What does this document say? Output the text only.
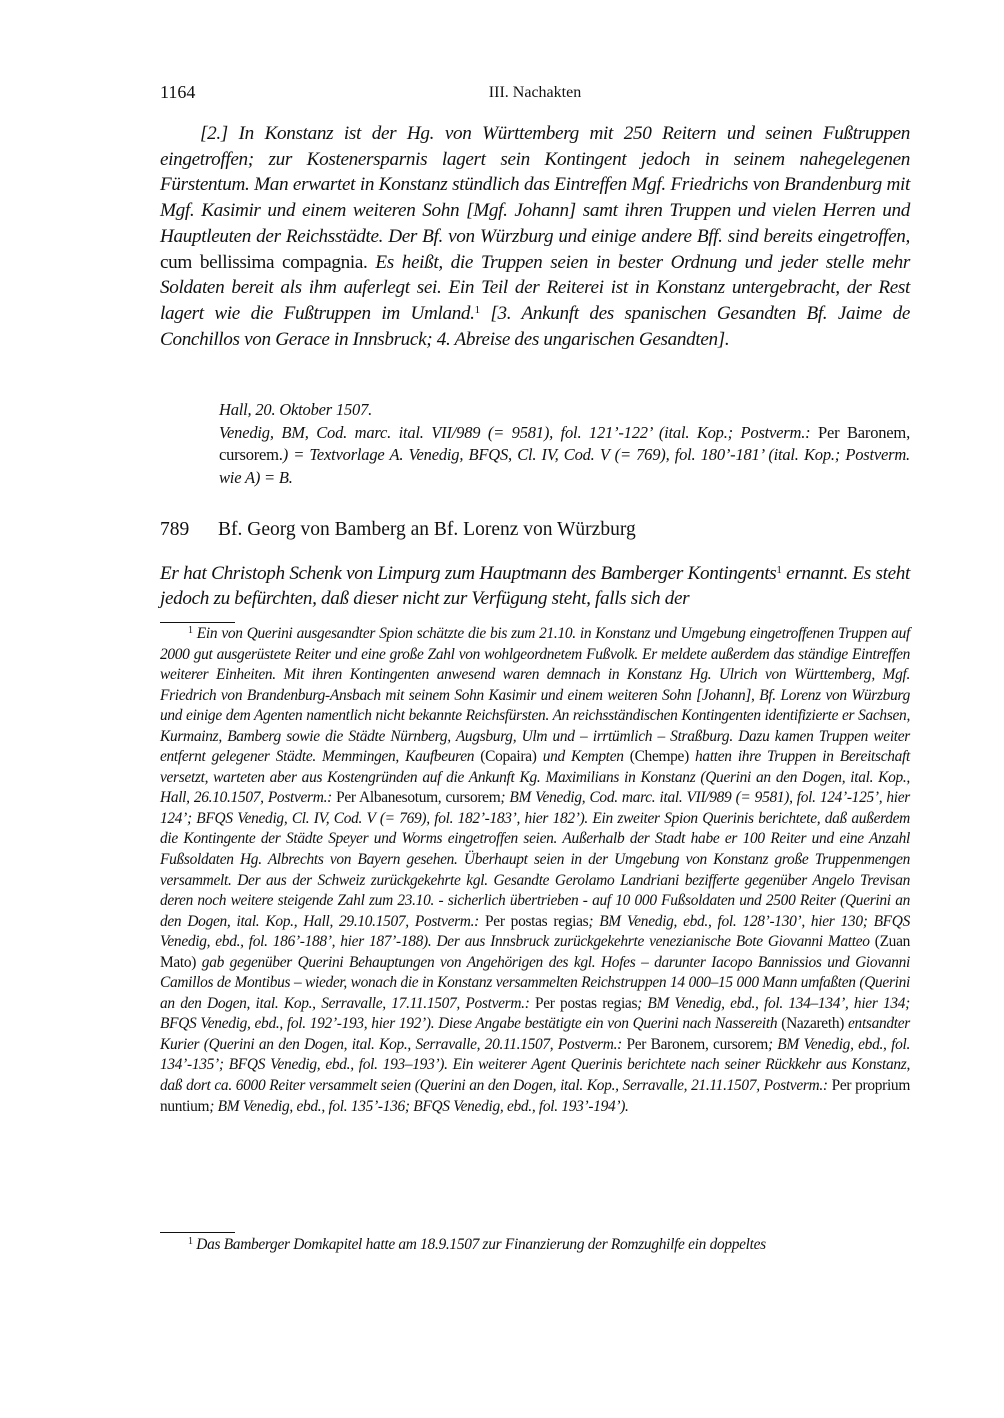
1164	III. Nachakten

[2.] In Konstanz ist der Hg. von Württemberg mit 250 Reitern und seinen Fußtruppen eingetroffen; zur Kostenersparnis lagert sein Kontingent jedoch in seinem nahegelegenen Fürstentum. Man erwartet in Konstanz stündlich das Eintreffen Mgf. Friedrichs von Brandenburg mit Mgf. Kasimir und einem weiteren Sohn [Mgf. Johann] samt ihren Truppen und vielen Herren und Hauptleuten der Reichsstädte. Der Bf. von Würzburg und einige andere Bff. sind bereits eingetroffen, cum bellissima compagnia. Es heißt, die Truppen seien in bester Ordnung und jeder stelle mehr Soldaten bereit als ihm auferlegt sei. Ein Teil der Reiterei ist in Konstanz untergebracht, der Rest lagert wie die Fußtruppen im Umland.$^1$ [3. Ankunft des spanischen Gesandten Bf. Jaime de Conchillos von Gerace in Innsbruck; 4. Abreise des ungarischen Gesandten].

Hall, 20. Oktober 1507.
Venedig, BM, Cod. marc. ital. VII/989 (= 9581), fol. 121’-122’ (ital. Kop.; Postverm.: Per Baronem, cursorem.) = Textvorlage A. Venedig, BFQS, Cl. IV, Cod. V (= 769), fol. 180’-181’ (ital. Kop.; Postverm. wie A) = B.
789 Bf. Georg von Bamberg an Bf. Lorenz von Würzburg
Er hat Christoph Schenk von Limpurg zum Hauptmann des Bamberger Kontingents$^1$ ernannt. Es steht jedoch zu befürchten, daß dieser nicht zur Verfügung steht, falls sich der

$^1$ Ein von Querini ausgesandter Spion schätzte die bis zum 21.10. in Konstanz und Umgebung eingetroffenen Truppen auf 2000 gut ausgerüstete Reiter und eine große Zahl von wohlgeordnetem Fußvolk. Er meldete außerdem das ständige Eintreffen weiterer Einheiten. Mit ihren Kontingenten anwesend waren demnach in Konstanz Hg. Ulrich von Württemberg, Mgf. Friedrich von Brandenburg-Ansbach mit seinem Sohn Kasimir und einem weiteren Sohn [Johann], Bf. Lorenz von Würzburg und einige dem Agenten namentlich nicht bekannte Reichsfürsten. An reichsständischen Kontingenten identifizierte er Sachsen, Kurmainz, Bamberg sowie die Städte Nürnberg, Augsburg, Ulm und – irrtümlich – Straßburg. Dazu kamen Truppen weiter entfernt gelegener Städte. Memmingen, Kaufbeuren (Copaira) und Kempten (Chempe) hatten ihre Truppen in Bereitschaft versetzt, warteten aber aus Kostengründen auf die Ankunft Kg. Maximilians in Konstanz (Querini an den Dogen, ital. Kop., Hall, 26.10.1507, Postverm.: Per Albanesotum, cursorem; BM Venedig, Cod. marc. ital. VII/989 (= 9581), fol. 124’-125’, hier 124’; BFQS Venedig, Cl. IV, Cod. V (= 769), fol. 182’-183’, hier 182’). Ein zweiter Spion Querinis berichtete, daß außerdem die Kontingente der Städte Speyer und Worms eingetroffen seien. Außerhalb der Stadt habe er 100 Reiter und eine Anzahl Fußsoldaten Hg. Albrechts von Bayern gesehen. Überhaupt seien in der Umgebung von Konstanz große Truppenmengen versammelt. Der aus der Schweiz zurückgekehrte kgl. Gesandte Gerolamo Landriani bezifferte gegenüber Angelo Trevisan deren noch weitere steigende Zahl zum 23.10. - sicherlich übertrieben - auf 10 000 Fußsoldaten und 2500 Reiter (Querini an den Dogen, ital. Kop., Hall, 29.10.1507, Postverm.: Per postas regias; BM Venedig, ebd., fol. 128’-130’, hier 130; BFQS Venedig, ebd., fol. 186’-188’, hier 187’-188). Der aus Innsbruck zurückgekehrte venezianische Bote Giovanni Matteo (Zuan Mato) gab gegenüber Querini Behauptungen von Angehörigen des kgl. Hofes – darunter Iacopo Bannissios und Giovanni Camillos de Montibus – wieder, wonach die in Konstanz versammelten Reichstruppen 14 000–15 000 Mann umfaßten (Querini an den Dogen, ital. Kop., Serravalle, 17.11.1507, Postverm.: Per postas regias; BM Venedig, ebd., fol. 134–134’, hier 134; BFQS Venedig, ebd., fol. 192’-193, hier 192’). Diese Angabe bestätigte ein von Querini nach Nassereith (Nazareth) entsandter Kurier (Querini an den Dogen, ital. Kop., Serravalle, 20.11.1507, Postverm.: Per Baronem, cursorem; BM Venedig, ebd., fol. 134’-135’; BFQS Venedig, ebd., fol. 193–193’). Ein weiterer Agent Querinis berichtete nach seiner Rückkehr aus Konstanz, daß dort ca. 6000 Reiter versammelt seien (Querini an den Dogen, ital. Kop., Serravalle, 21.11.1507, Postverm.: Per proprium nuntium; BM Venedig, ebd., fol. 135’-136; BFQS Venedig, ebd., fol. 193’-194’).

$^1$ Das Bamberger Domkapitel hatte am 18.9.1507 zur Finanzierung der Romzughilfe ein doppeltes
